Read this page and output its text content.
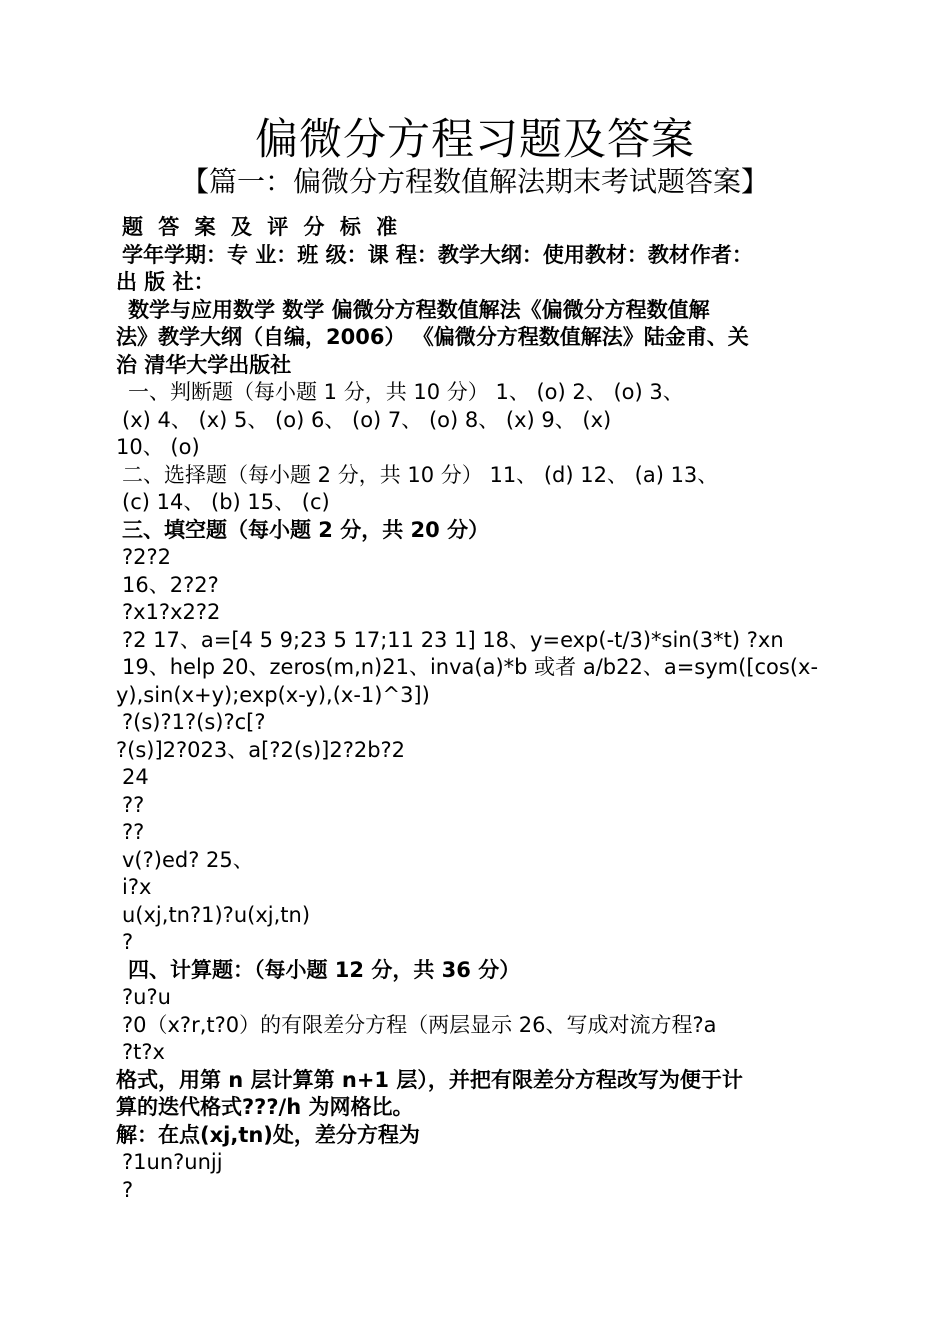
偏微分方程习题及答案
【篇一：偏微分方程数值解法期末考试题答案】
题 答 案 及 评 分 标 准
学年学期：专 业：班 级：课 程：教学大纲：使用教材：教材作者：
出 版 社：
数学与应用数学 数学 偏微分方程数值解法《偏微分方程数值解
法》教学大纲（自编，2006） 《偏微分方程数值解法》陆金甫、关
治 清华大学出版社
一、判断题（每小题 1 分，共 10 分） 1、 (o) 2、 (o) 3、
(x) 4、 (x) 5、 (o) 6、 (o) 7、 (o) 8、 (x) 9、 (x)
10、 (o)
二、选择题（每小题 2 分，共 10 分） 11、 (d) 12、 (a) 13、
(c) 14、 (b) 15、 (c)
三、填空题（每小题 2 分，共 20 分）
?2?2
16、2?2?
?x1?x2?2
?2 17、a=[4 5 9;23 5 17;11 23 1] 18、y=exp(-t/3)*sin(3*t) ?xn
19、help 20、zeros(m,n)21、inva(a)*b 或者 a/b22、a=sym([cos(x-
y),sin(x+y);exp(x-y),(x-1)^3])
?(s)?1?(s)?c[?
?(s)]2?023、a[?2(s)]2?2b?2
24
??
??
v(?)ed? 25、
i?x
u(xj,tn?1)?u(xj,tn)
?
四、计算题：（每小题 12 分，共 36 分）
?u?u
?0（x?r,t?0）的有限差分方程（两层显示 26、写成对流方程?a
?t?x
格式，用第 n 层计算第 n+1 层），并把有限差分方程改写为便于计
算的迭代格式???/h 为网格比。
解：在点(xj,tn)处，差分方程为
?1un?unjj
?
